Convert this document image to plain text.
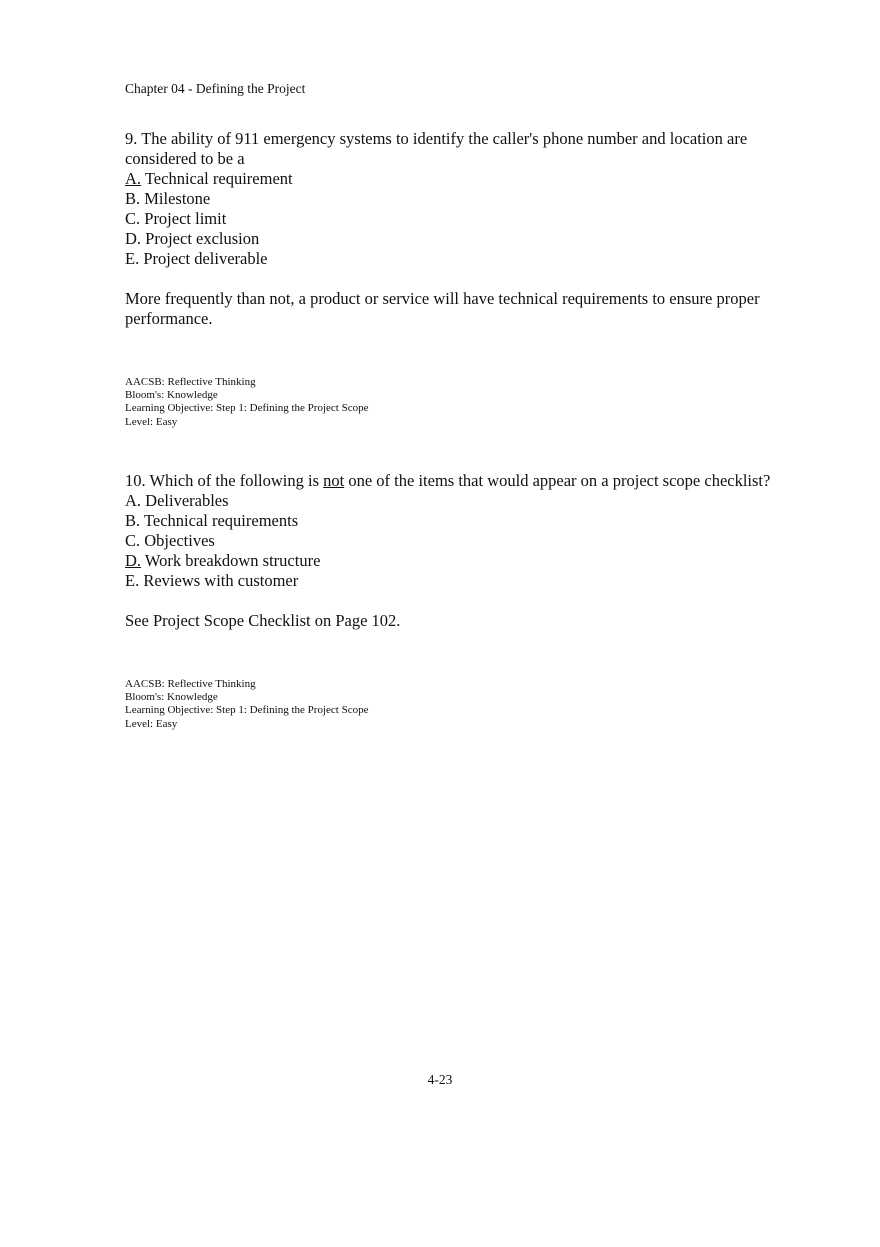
Chapter 04 - Defining the Project

9. The ability of 911 emergency systems to identify the caller's phone number and location are considered to be a

A. Technical requirement
B. Milestone
C. Project limit
D. Project exclusion
E. Project deliverable

More frequently than not, a product or service will have technical requirements to ensure proper performance.

AACSB: Reflective Thinking
Bloom's: Knowledge
Learning Objective: Step 1: Defining the Project Scope
Level: Easy

10. Which of the following is not one of the items that would appear on a project scope checklist?

A. Deliverables
B. Technical requirements
C. Objectives
D. Work breakdown structure
E. Reviews with customer

See Project Scope Checklist on Page 102.

AACSB: Reflective Thinking
Bloom's: Knowledge
Learning Objective: Step 1: Defining the Project Scope
Level: Easy
4-23
